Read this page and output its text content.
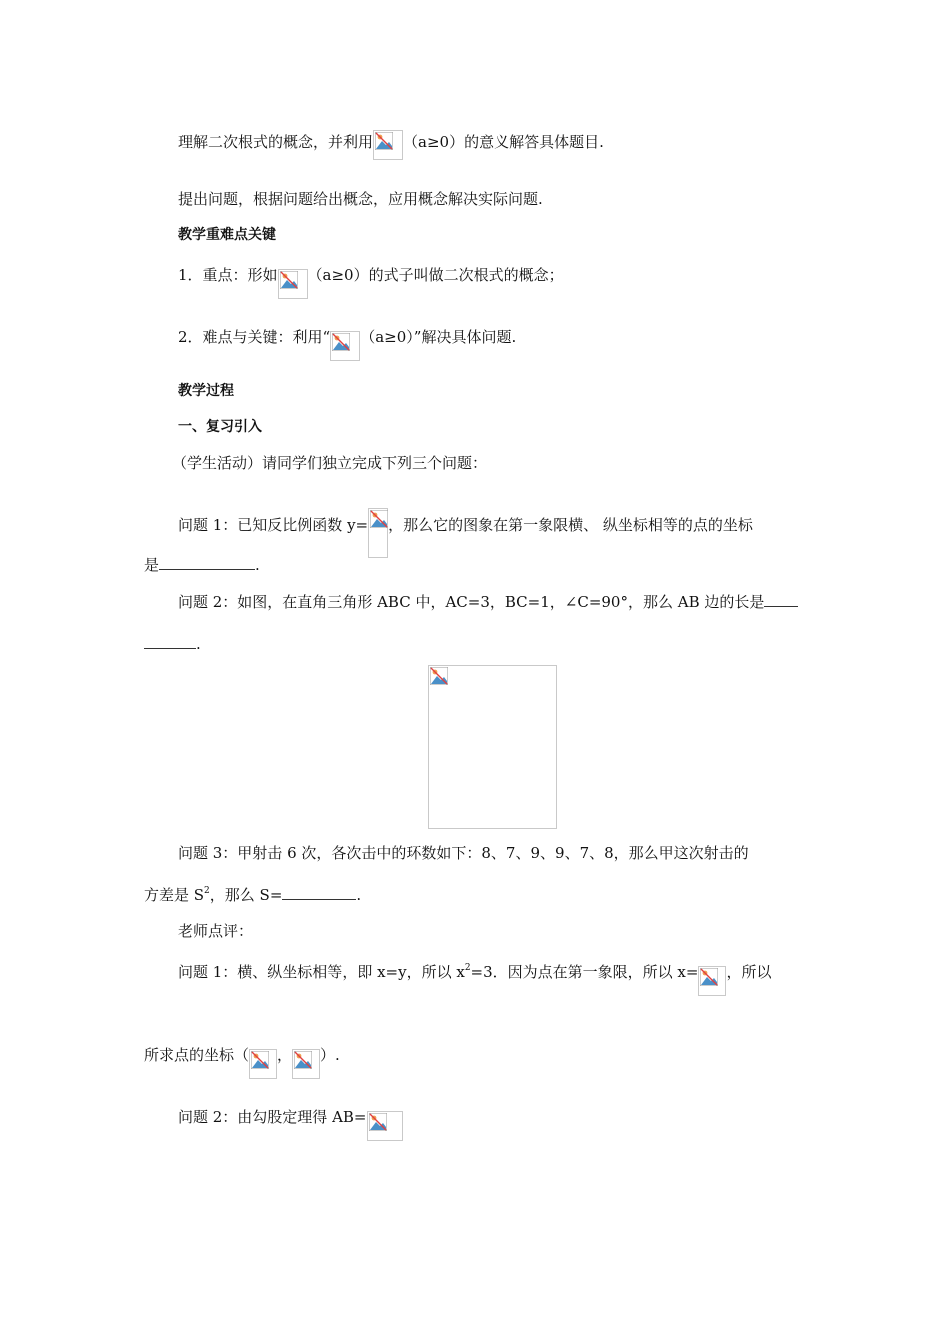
理解二次根式的概念，并利用 （a≥0）的意义解答具体题目.
提出问题，根据问题给出概念，应用概念解决实际问题.
教学重难点关键
1．重点：形如 （a≥0）的式子叫做二次根式的概念；
2．难点与关键：利用“ （a≥0）”解决具体问题.
教学过程
一、复习引入
（学生活动）请同学们独立完成下列三个问题：
问题 1：已知反比例函数 y= ，那么它的图象在第一象限横、 纵坐标相等的点的坐标
是	.
问题 2：如图，在直角三角形 ABC 中，AC=3，BC=1，∠C=90°，那么 AB 边的长是
.
问题 3：甲射击 6 次，各次击中的环数如下：8、7、9、9、7、8，那么甲这次射击的
方差是 $S^2$，那么 S=	.
老师点评：
问题 1：横、纵坐标相等，即 x=y，所以 $x^2=3$．因为点在第一象限，所以 x= ，所以
所求点的坐标（ ， ）.
问题 2：由勾股定理得 AB=
